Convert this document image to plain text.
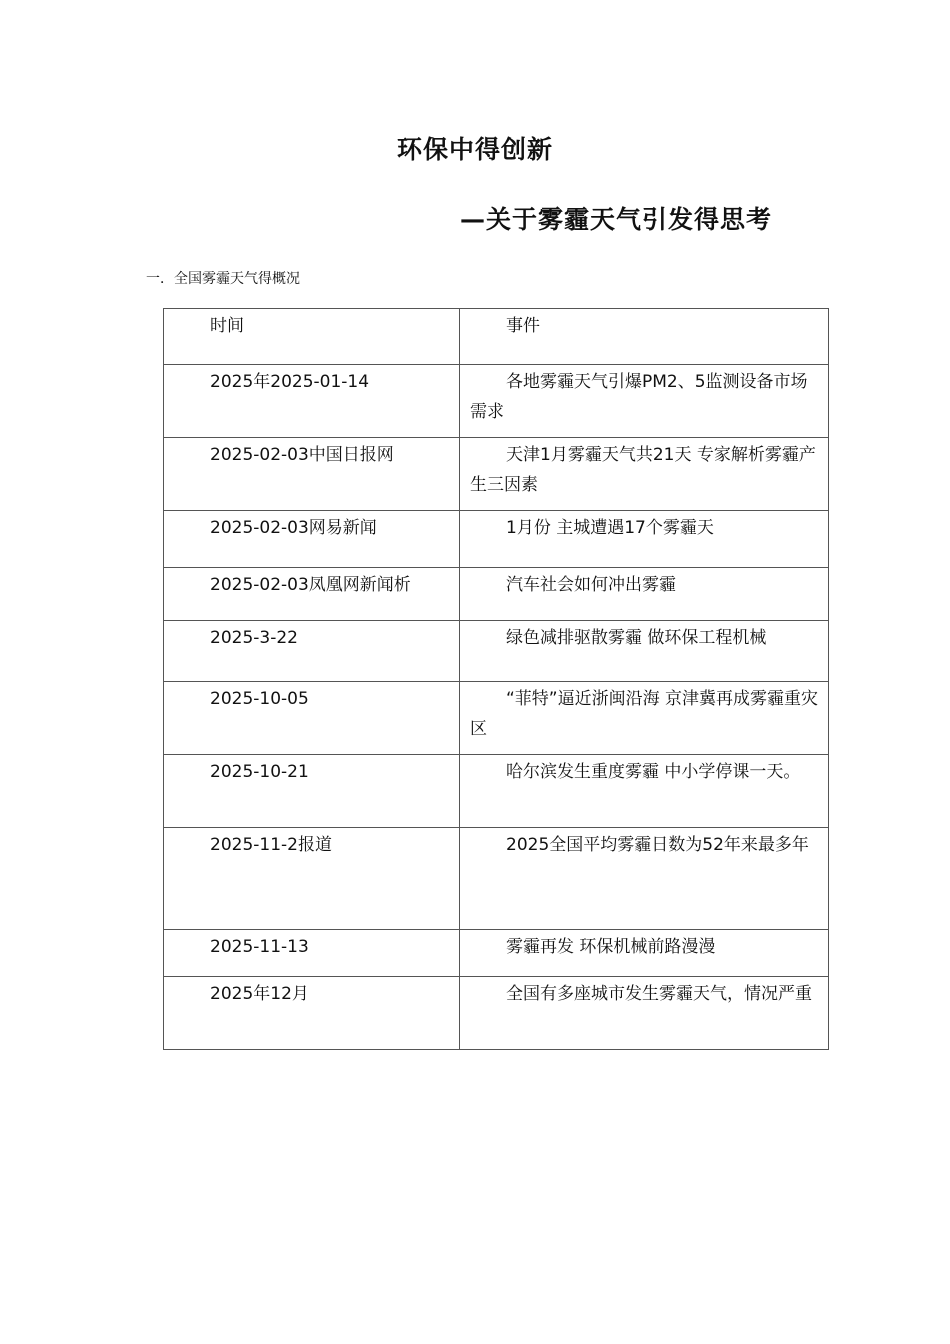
环保中得创新
—关于雾霾天气引发得思考
一．全国雾霾天气得概况
时间	事件
2025年2025-01-14	各地雾霾天气引爆PM2、5监测设备市场需求
2025-02-03中国日报网	天津1月雾霾天气共21天 专家解析雾霾产生三因素
2025-02-03网易新闻	1月份 主城遭遇17个雾霾天
2025-02-03凤凰网新闻析	汽车社会如何冲出雾霾
2025-3-22	绿色减排驱散雾霾 做环保工程机械
2025-10-05	“菲特”逼近浙闽沿海 京津冀再成雾霾重灾区
2025-10-21	哈尔滨发生重度雾霾 中小学停课一天。
2025-11-2报道	2025全国平均雾霾日数为52年来最多年
2025-11-13	雾霾再发 环保机械前路漫漫
2025年12月	全国有多座城市发生雾霾天气，情况严重
